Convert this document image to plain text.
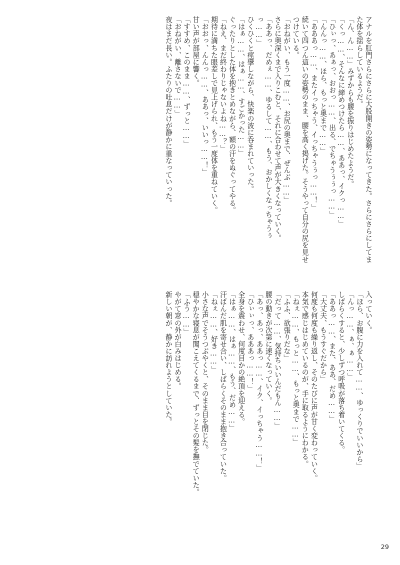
アナルを肛門さらにさらに大股開きの姿勢になってきた。さらにさらにしてまた体を揺らしているようだ。
「ん、ん……」みずからも腰を振りはじめたようだ。
「くっ……、そんなに締めつけたら……、ああっ、イクっ……」
「ひぃっ、あぁっ、おおっ……、出る、でちゃうぅぅっ……」
「んんっ……、ほら、もっと奥まで……」
「あああっ……、またイっちゃう、イっちゃうぅっ……！」
続いて四つん這いの姿勢のまま、腰を高く掲げた。そうやって自分の尻を見せつけている。
「おねがい、もう一度……、お尻の奥まで、ぜんぶ……」
さらに奥深くまで入りこむと、それに合わせて声が大きくなっていく。
「ああっ、だめぇ……、ゆるして……、もう、おかしくなっちゃうぅっ……」
ひくひくと痙攣しながら、快楽の波に呑まれていった。
「はぁ……、はぁ……、すごかった……」
ぐったりとした体を抱きとめながら、額の汗をぬぐってやる。
「ねえ、まだ終わりじゃないよね……？」
期待に満ちた眼差しで見上げられ、もう一度体を重ねていく。
「おおっ、んんっ……、ああっ、いいっ……！」
甘い声が部屋に響く。
「すすめ、このまま……、ずっと……」
「おねがい、離さないで……」
夜はまだ長い。ふたりの吐息だけが静かに重なっていった。
入っていく。
「ほら、お腹に力を入れて……、ゆっくりでいいから」
「んっ……、ぁ、ぁ……」
しばらくすると、少しずつ呼吸が落ち着いてくる。
「ああっ……、また、ああ、だめ……」
「大丈夫、もうすぐだから」
何度も何度も繰り返し、そのたびに声が甘く変わっていく。
本気で感じはじめているのが、手に取るようにわかる。
「ねぇ……、もっと……、もっと奥まで……」
「ふふ、欲張りだな」
「だって……、気持ちいいんだもん……」
腰の動きが次第に速くなっていく。
「あっ、あっ、ああっ……、イク、イっちゃう……！」
「ひぃぃっ、あああっ……！」
全身を震わせ、何度目かの絶頂を迎える。
「はぁ……、はぁ……、もう、だめ……」
汗ばんだ肌を寄せ合い、しばらくそのまま抱き合っていた。
「ねぇ……、好き……」
小さな声でそうつぶやくと、そのまま目を閉じた。
穏やかな寝息が聞こえてくるまで、ずっとその髪を撫でていた。
「ふう……」
やがて窓の外が白みはじめる。
新しい朝が、静かに訪れようとしていた。
29
